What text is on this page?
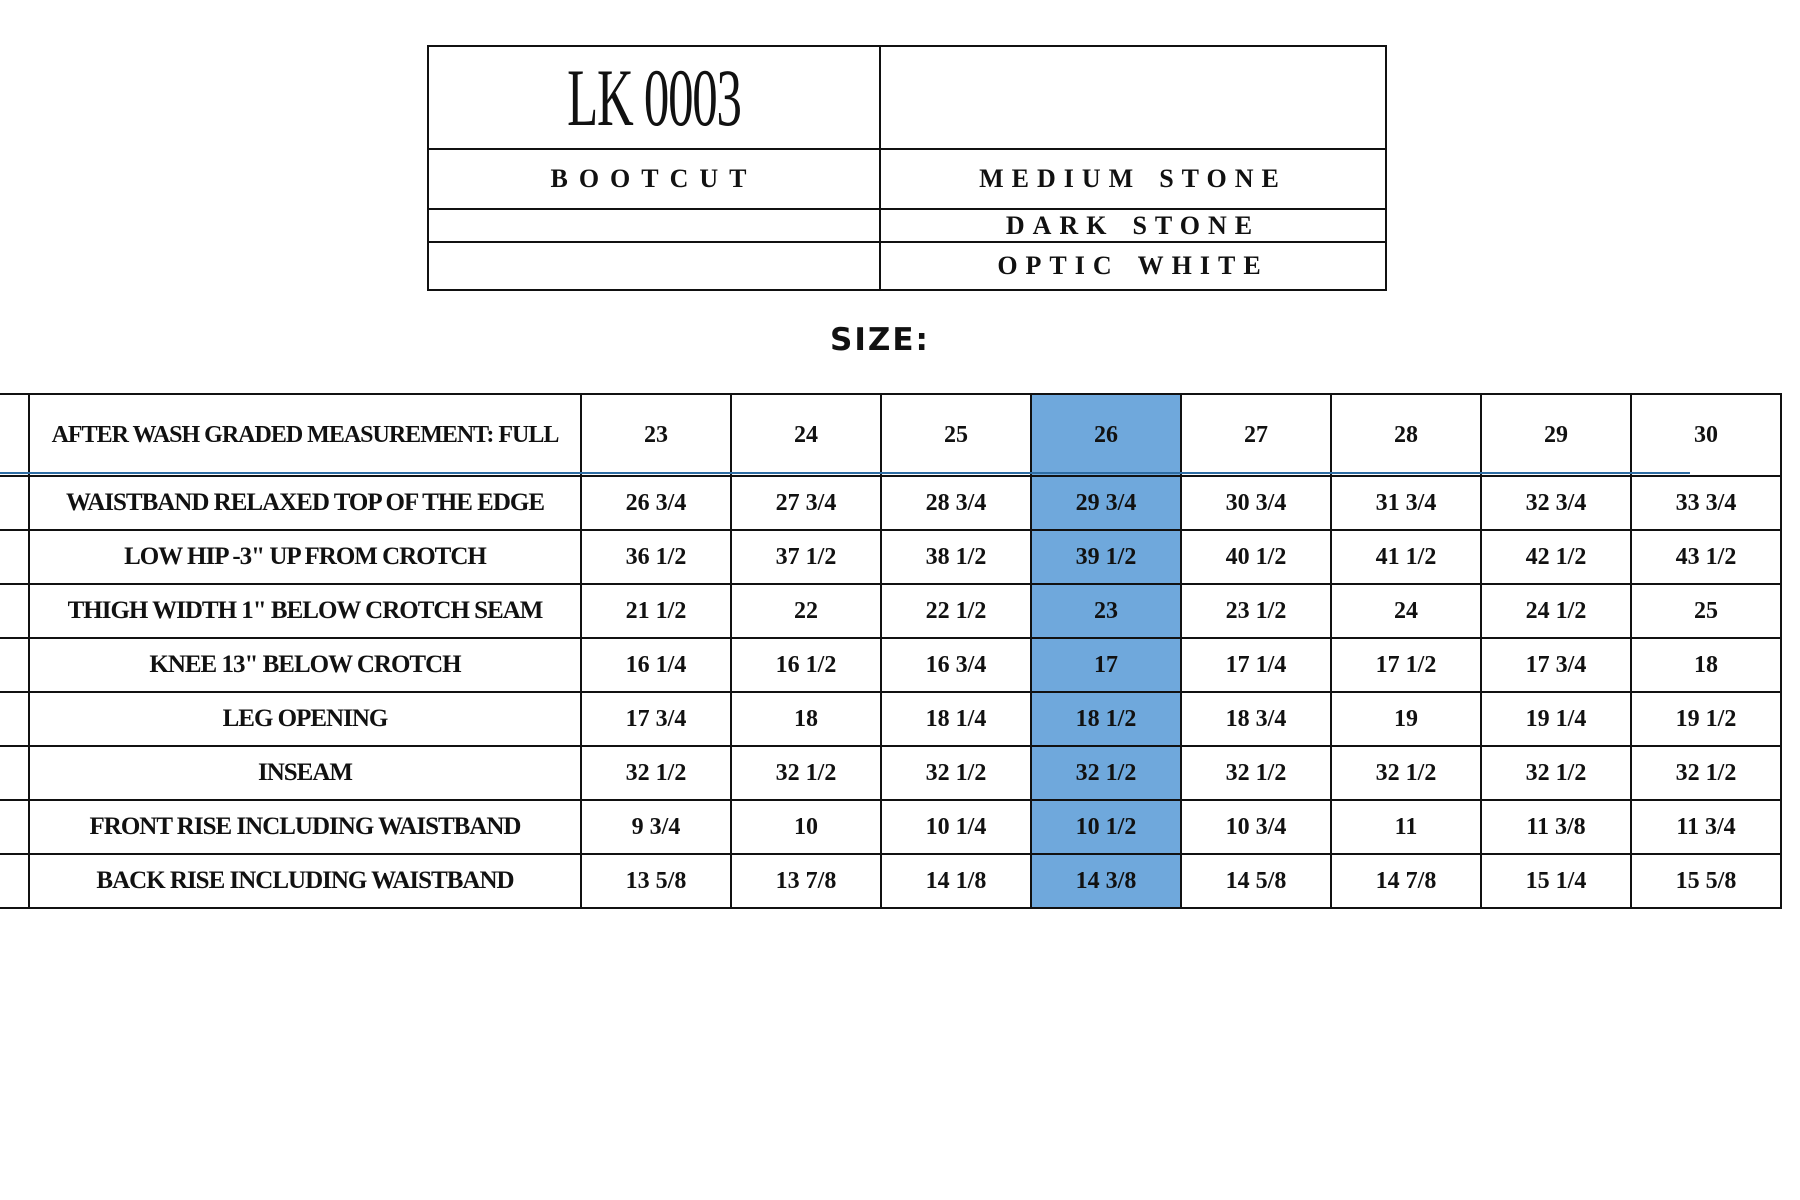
LK 0003	
BOOTCUT	MEDIUM STONE
	DARK STONE
	OPTIC WHITE
SIZE:
	AFTER WASH GRADED MEASUREMENT: FULL	23	24	25	26	27	28	29	30
	WAISTBAND RELAXED TOP OF THE EDGE	26 3/4	27 3/4	28 3/4	29 3/4	30 3/4	31 3/4	32 3/4	33 3/4
	LOW HIP -3" UP FROM CROTCH	36 1/2	37 1/2	38 1/2	39 1/2	40 1/2	41 1/2	42 1/2	43 1/2
	THIGH WIDTH 1" BELOW CROTCH SEAM	21 1/2	22	22 1/2	23	23 1/2	24	24 1/2	25
	KNEE 13" BELOW CROTCH	16 1/4	16 1/2	16 3/4	17	17 1/4	17 1/2	17 3/4	18
	LEG OPENING	17 3/4	18	18 1/4	18 1/2	18 3/4	19	19 1/4	19 1/2
	INSEAM	32 1/2	32 1/2	32 1/2	32 1/2	32 1/2	32 1/2	32 1/2	32 1/2
	FRONT RISE INCLUDING WAISTBAND	9 3/4	10	10 1/4	10 1/2	10 3/4	11	11 3/8	11 3/4
	BACK RISE INCLUDING WAISTBAND	13 5/8	13 7/8	14 1/8	14 3/8	14 5/8	14 7/8	15 1/4	15 5/8
